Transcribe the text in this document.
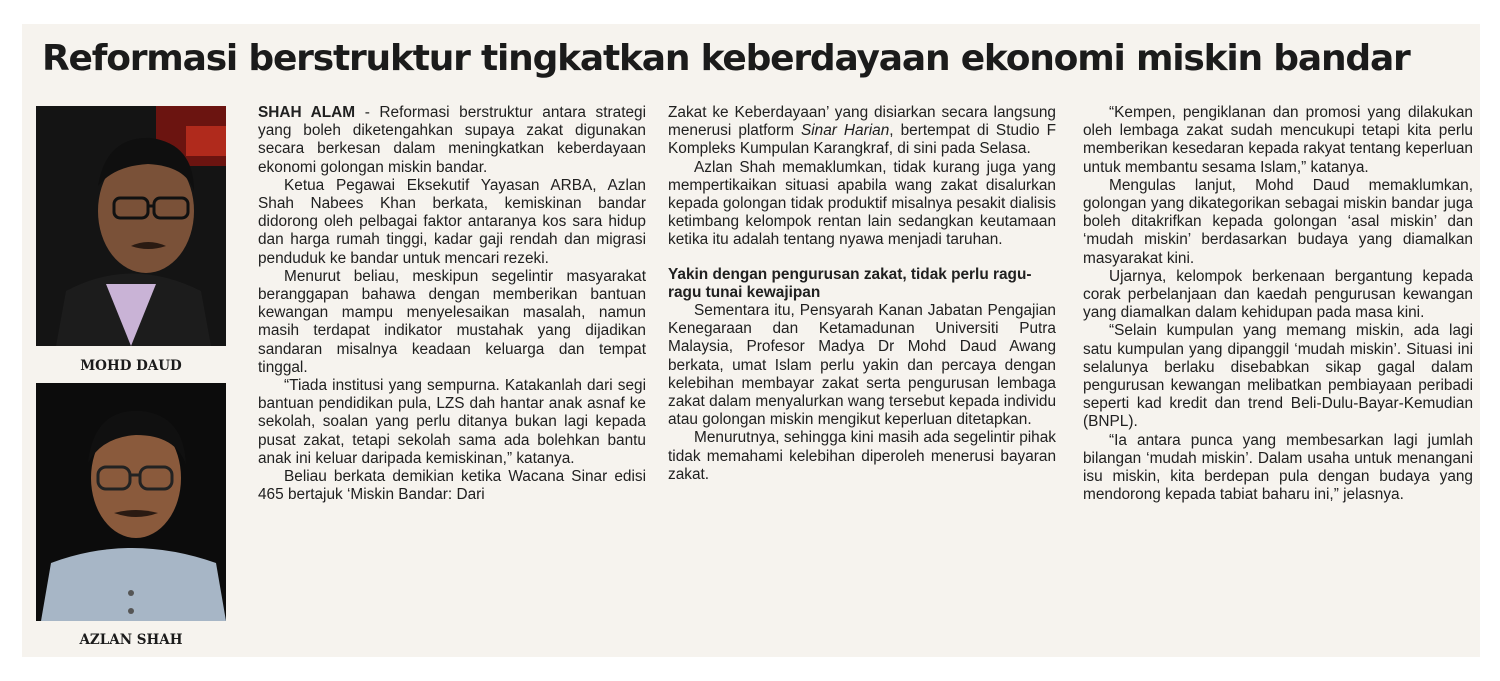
Reformasi berstruktur tingkatkan keberdayaan ekonomi miskin bandar
MOHD DAUD
AZLAN SHAH

SHAH ALAM - Reformasi berstruktur antara strategi yang boleh diketengahkan supaya zakat digunakan secara berkesan dalam meningkatkan keberdayaan ekonomi golongan miskin bandar.

Ketua Pegawai Eksekutif Yayasan ARBA, Azlan Shah Nabees Khan berkata, kemiskinan bandar didorong oleh pelbagai faktor antaranya kos sara hidup dan harga rumah tinggi, kadar gaji rendah dan migrasi penduduk ke bandar untuk mencari rezeki.

Menurut beliau, meskipun segelintir masyarakat beranggapan bahawa dengan memberikan bantuan kewangan mampu menyelesaikan masalah, namun masih terdapat indikator mustahak yang dijadikan sandaran misalnya keadaan keluarga dan tempat tinggal.

“Tiada institusi yang sempurna. Katakanlah dari segi bantuan pendidikan pula, LZS dah hantar anak asnaf ke sekolah, soalan yang perlu ditanya bukan lagi kepada pusat zakat, tetapi sekolah sama ada bolehkan bantu anak ini keluar daripada kemiskinan,” katanya.

Beliau berkata demikian ketika Wacana Sinar edisi 465 bertajuk ‘Miskin Bandar: Dari

Zakat ke Keberdayaan’ yang disiarkan secara langsung menerusi platform Sinar Harian, bertempat di Studio F Kompleks Kumpulan Karangkraf, di sini pada Selasa.

Azlan Shah memaklumkan, tidak kurang juga yang mempertikaikan situasi apabila wang zakat disalurkan kepada golongan tidak produktif misalnya pesakit dialisis ketimbang kelompok rentan lain sedangkan keutamaan ketika itu adalah tentang nyawa menjadi taruhan.

Yakin dengan pengurusan zakat, tidak perlu ragu-ragu tunai kewajipan

Sementara itu, Pensyarah Kanan Jabatan Pengajian Kenegaraan dan Ketamadunan Universiti Putra Malaysia, Profesor Madya Dr Mohd Daud Awang berkata, umat Islam perlu yakin dan percaya dengan kelebihan membayar zakat serta pengurusan lembaga zakat dalam menyalurkan wang tersebut kepada individu atau golongan miskin mengikut keperluan ditetapkan.

Menurutnya, sehingga kini masih ada segelintir pihak tidak memahami kelebihan diperoleh menerusi bayaran zakat.

“Kempen, pengiklanan dan promosi yang dilakukan oleh lembaga zakat sudah mencukupi tetapi kita perlu memberikan kesedaran kepada rakyat tentang keperluan untuk membantu sesama Islam,” katanya.

Mengulas lanjut, Mohd Daud memaklumkan, golongan yang dikategorikan sebagai miskin bandar juga boleh ditakrifkan kepada golongan ‘asal miskin’ dan ‘mudah miskin’ berdasarkan budaya yang diamalkan masyarakat kini.

Ujarnya, kelompok berkenaan bergantung kepada corak perbelanjaan dan kaedah pengurusan kewangan yang diamalkan dalam kehidupan pada masa kini.

“Selain kumpulan yang memang miskin, ada lagi satu kumpulan yang dipanggil ‘mudah miskin’. Situasi ini selalunya berlaku disebabkan sikap gagal dalam pengurusan kewangan melibatkan pembiayaan peribadi seperti kad kredit dan trend Beli-Dulu-Bayar-Kemudian (BNPL).

“Ia antara punca yang membesarkan lagi jumlah bilangan ‘mudah miskin’. Dalam usaha untuk menangani isu miskin, kita berdepan pula dengan budaya yang mendorong kepada tabiat baharu ini,” jelasnya.
